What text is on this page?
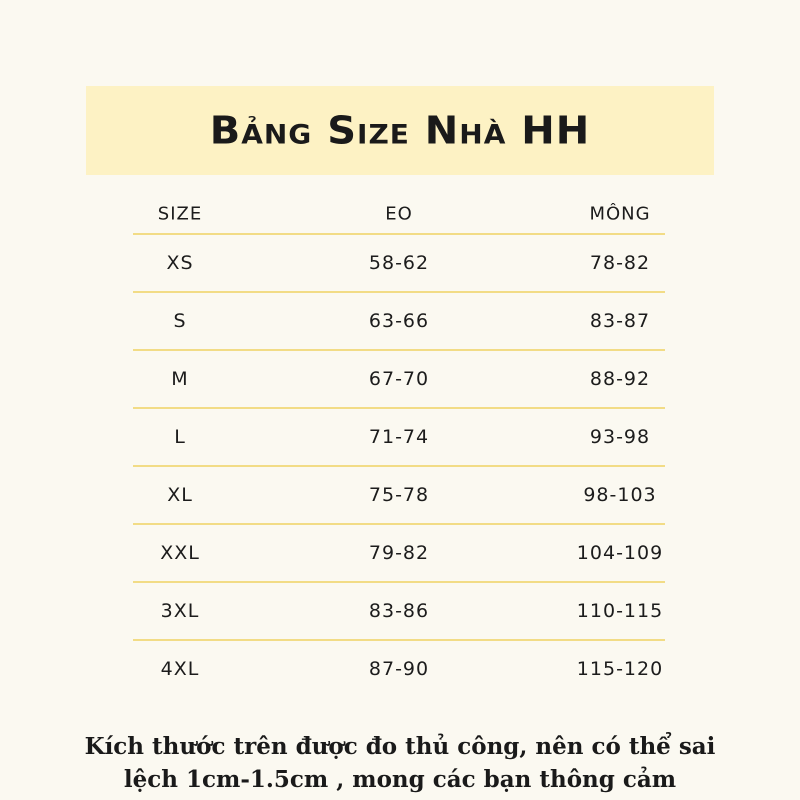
Bảng Size Nhà HH
SIZE	EO	MÔNG
XS	58-62	78-82
S	63-66	83-87
M	67-70	88-92
L	71-74	93-98
XL	75-78	98-103
XXL	79-82	104-109
3XL	83-86	110-115
4XL	87-90	115-120
Kích thước trên được đo thủ công, nên có thể sai
lệch 1cm-1.5cm , mong các bạn thông cảm
